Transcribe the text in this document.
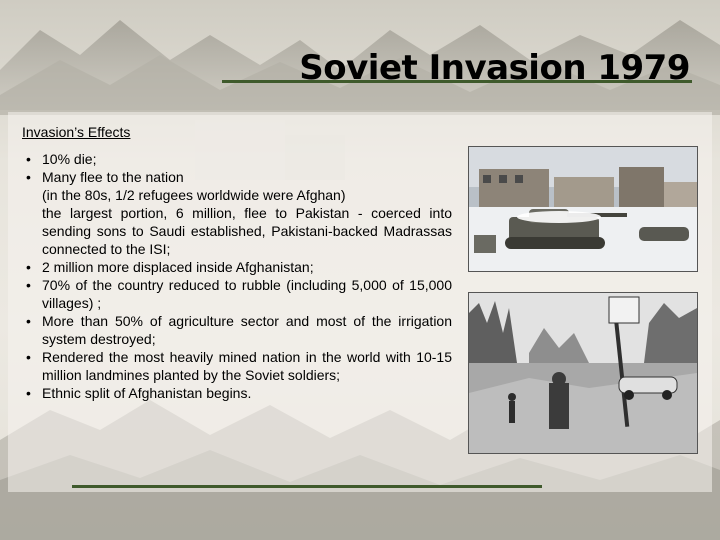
Soviet Invasion 1979
Invasion’s Effects
• 10% die;
• Many flee to the nation
(in the 80s, 1/2 refugees worldwide were Afghan)
the largest portion, 6 million, flee to Pakistan - coerced into sending sons to Saudi established, Pakistani-backed Madrassas connected to the ISI;
• 2 million more displaced inside Afghanistan;
• 70% of the country reduced to rubble (including 5,000 of 15,000 villages) ;
• More than 50% of agriculture sector and most of the irrigation system destroyed;
• Rendered the most heavily mined nation in the world with 10-15 million landmines planted by the Soviet soldiers;
• Ethnic split of Afghanistan begins.
